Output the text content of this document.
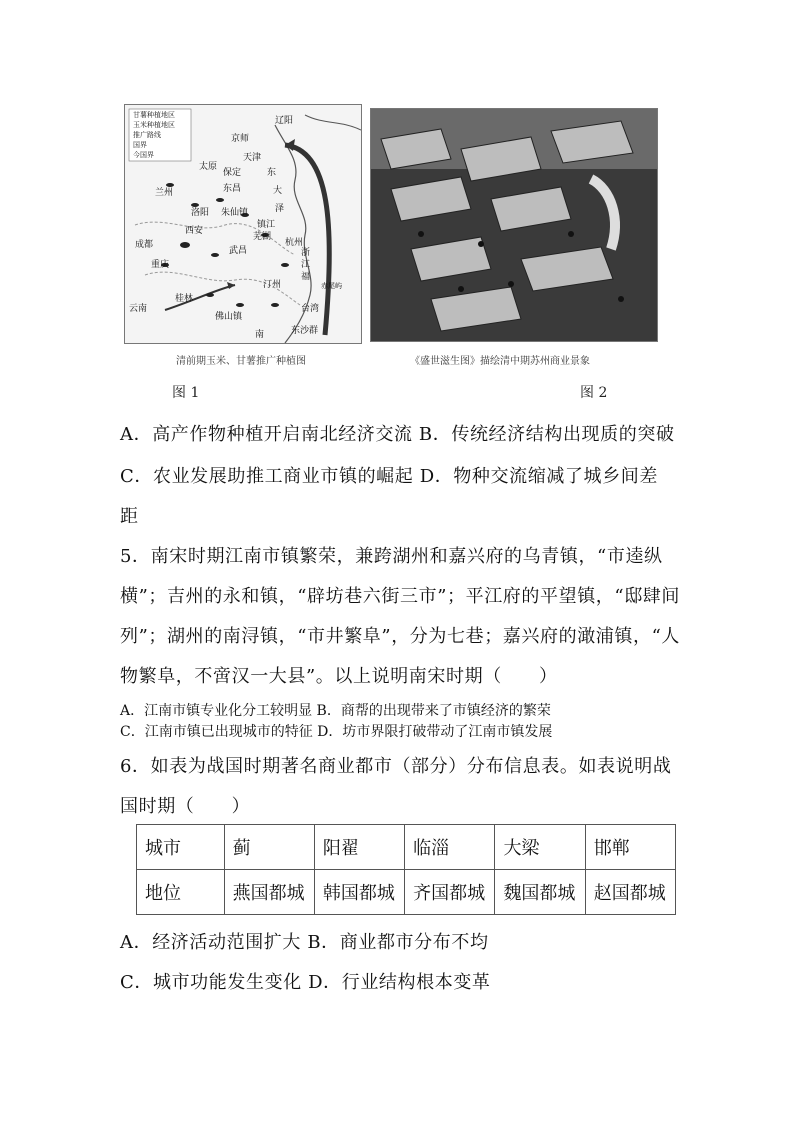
甘薯种植地区
玉米种植地区
推广路线
国界
今国界
辽阳
京师
天津
太原
保定	东
东昌	大
兰州
洛阳 朱仙镇	泽
西安
镇江
成都
芜湖
杭州
重庆
武昌	浙
江
福
赤尾屿
桂林
汀州
云南
佛山镇
台湾
南	东沙群
清前期玉米、甘薯推广种植图
图 1
《盛世滋生图》描绘清中期苏州商业景象
图 2
A．高产作物种植开启南北经济交流 B．传统经济结构出现质的突破
C．农业发展助推工商业市镇的崛起 D．物种交流缩减了城乡间差
距
5．南宋时期江南市镇繁荣，兼跨湖州和嘉兴府的乌青镇，“市逵纵
横”；吉州的永和镇，“辟坊巷六街三市”；平江府的平望镇，“邸肆间
列”；湖州的南浔镇，“市井繁阜”，分为七巷；嘉兴府的澉浦镇，“人
物繁阜，不啻汉一大县”。以上说明南宋时期（　　）
A．江南市镇专业化分工较明显 B．商帮的出现带来了市镇经济的繁荣
C．江南市镇已出现城市的特征 D．坊市界限打破带动了江南市镇发展
6．如表为战国时期著名商业都市（部分）分布信息表。如表说明战
国时期（　　）
城市	蓟	阳翟	临淄	大梁	邯郸
地位	燕国都城	韩国都城	齐国都城	魏国都城	赵国都城
A．经济活动范围扩大 B．商业都市分布不均
C．城市功能发生变化 D．行业结构根本变革
